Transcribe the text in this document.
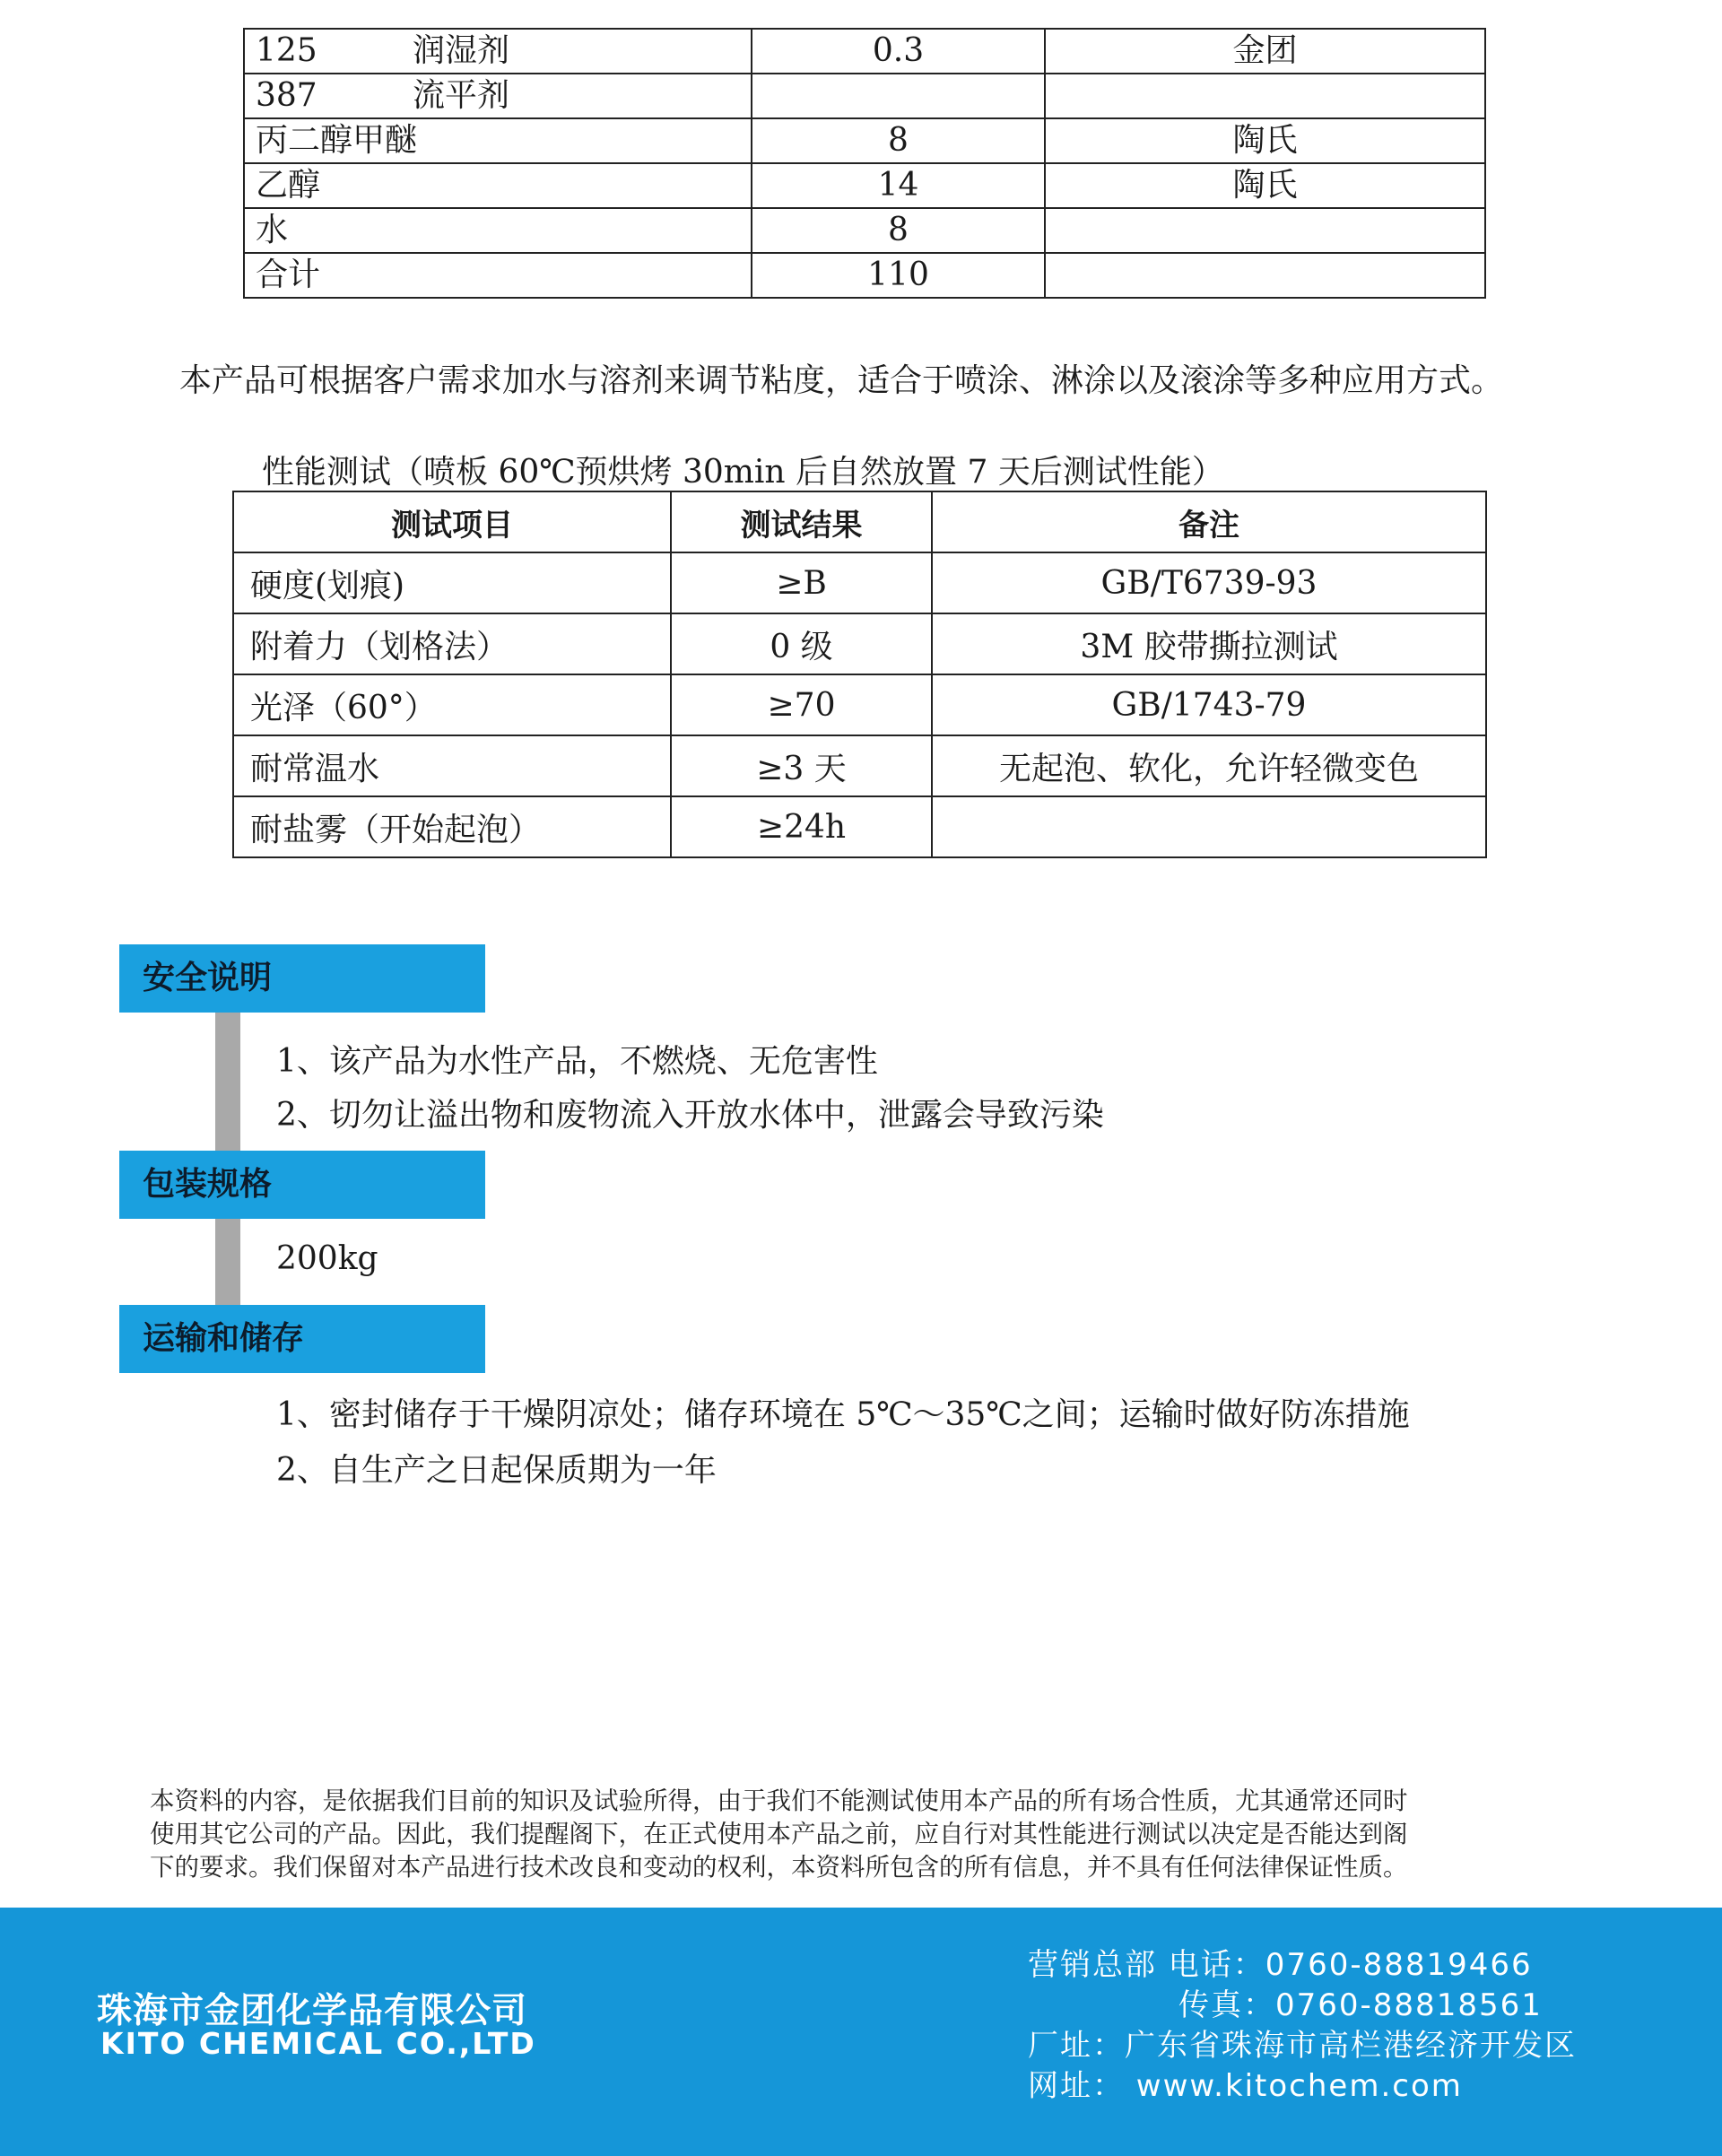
125 润湿剂	0.3	金团
387 流平剂		
丙二醇甲醚	8	陶氏
乙醇	14	陶氏
水	8	
合计	110	
本产品可根据客户需求加水与溶剂来调节粘度，适合于喷涂、淋涂以及滚涂等多种应用方式。
性能测试（喷板 60℃预烘烤 30min 后自然放置 7 天后测试性能）
测试项目	测试结果	备注
硬度(划痕)	≥B	GB/T6739-93
附着力（划格法）	0 级	3M 胶带撕拉测试
光泽（60°）	≥70	GB/1743-79
耐常温水	≥3 天	无起泡、软化，允许轻微变色
耐盐雾（开始起泡）	≥24h	
安全说明
1、该产品为水性产品，不燃烧、无危害性
2、切勿让溢出物和废物流入开放水体中，泄露会导致污染
包装规格
200kg
运输和储存
1、密封储存于干燥阴凉处；储存环境在 5℃～35℃之间；运输时做好防冻措施
2、自生产之日起保质期为一年
本资料的内容，是依据我们目前的知识及试验所得，由于我们不能测试使用本产品的所有场合性质，尤其通常还同时
使用其它公司的产品。因此，我们提醒阁下，在正式使用本产品之前，应自行对其性能进行测试以决定是否能达到阁
下的要求。我们保留对本产品进行技术改良和变动的权利，本资料所包含的所有信息，并不具有任何法律保证性质。
珠海市金团化学品有限公司
KITO CHEMICAL CO.,LTD
营销总部 电话：0760-88819466
传真：0760-88818561
厂址：广东省珠海市高栏港经济开发区
网址： www.kitochem.com
